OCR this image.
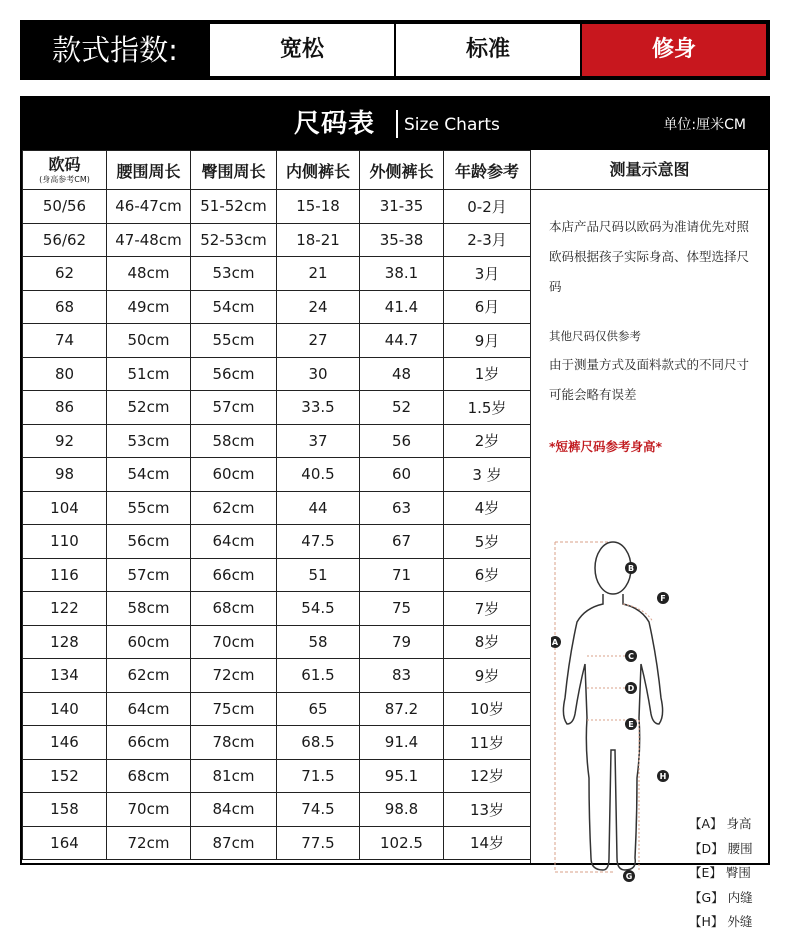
款式指数:	宽松	标准	修身
尺码表 Size Charts	单位:厘米CM
欧码
(身高参考CM)	腰围周长	臀围周长	内侧裤长	外侧裤长	年龄参考
50/56	46-47cm	51-52cm	15-18	31-35	0-2月
56/62	47-48cm	52-53cm	18-21	35-38	2-3月
62	48cm	53cm	21	38.1	3月
68	49cm	54cm	24	41.4	6月
74	50cm	55cm	27	44.7	9月
80	51cm	56cm	30	48	1岁
86	52cm	57cm	33.5	52	1.5岁
92	53cm	58cm	37	56	2岁
98	54cm	60cm	40.5	60	3 岁
104	55cm	62cm	44	63	4岁
110	56cm	64cm	47.5	67	5岁
116	57cm	66cm	51	71	6岁
122	58cm	68cm	54.5	75	7岁
128	60cm	70cm	58	79	8岁
134	62cm	72cm	61.5	83	9岁
140	64cm	75cm	65	87.2	10岁
146	66cm	78cm	68.5	91.4	11岁
152	68cm	81cm	71.5	95.1	12岁
158	70cm	84cm	74.5	98.8	13岁
164	72cm	87cm	77.5	102.5	14岁
测量示意图
本店产品尺码以欧码为准请优先对照欧码根据孩子实际身高、体型选择尺码
其他尺码仅供参考
由于测量方式及面料款式的不同尺寸可能会略有误差
*短裤尺码参考身高*
A
B
C
D
E
F
G
H
【A】 身高
【D】 腰围
【E】 臀围
【G】 内缝
【H】 外缝
